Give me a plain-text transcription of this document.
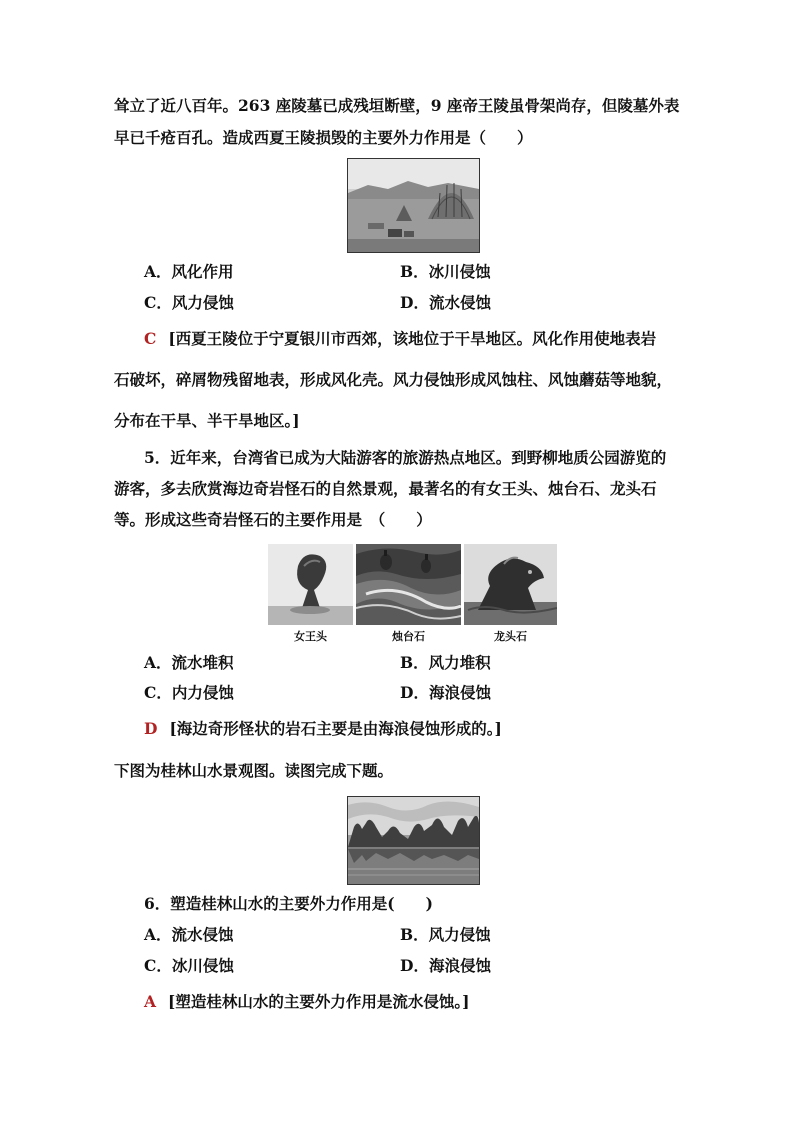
耸立了近八百年。263 座陵墓已成残垣断壁，9 座帝王陵虽骨架尚存，但陵墓外表
早已千疮百孔。造成西夏王陵损毁的主要外力作用是（　　）
A．风化作用	B．冰川侵蚀
C．风力侵蚀	D．流水侵蚀
C [西夏王陵位于宁夏银川市西郊，该地位于干旱地区。风化作用使地表岩
石破坏，碎屑物残留地表，形成风化壳。风力侵蚀形成风蚀柱、风蚀蘑菇等地貌，
分布在干旱、半干旱地区。]
5．近年来，台湾省已成为大陆游客的旅游热点地区。到野柳地质公园游览的
游客，多去欣赏海边奇岩怪石的自然景观，最著名的有女王头、烛台石、龙头石
等。形成这些奇岩怪石的主要作用是　（　　）
女王头	烛台石	龙头石
A．流水堆积	B．风力堆积
C．内力侵蚀	D．海浪侵蚀
D [海边奇形怪状的岩石主要是由海浪侵蚀形成的。]
下图为桂林山水景观图。读图完成下题。
6．塑造桂林山水的主要外力作用是(　　)
A．流水侵蚀	B．风力侵蚀
C．冰川侵蚀	D．海浪侵蚀
A [塑造桂林山水的主要外力作用是流水侵蚀。]
